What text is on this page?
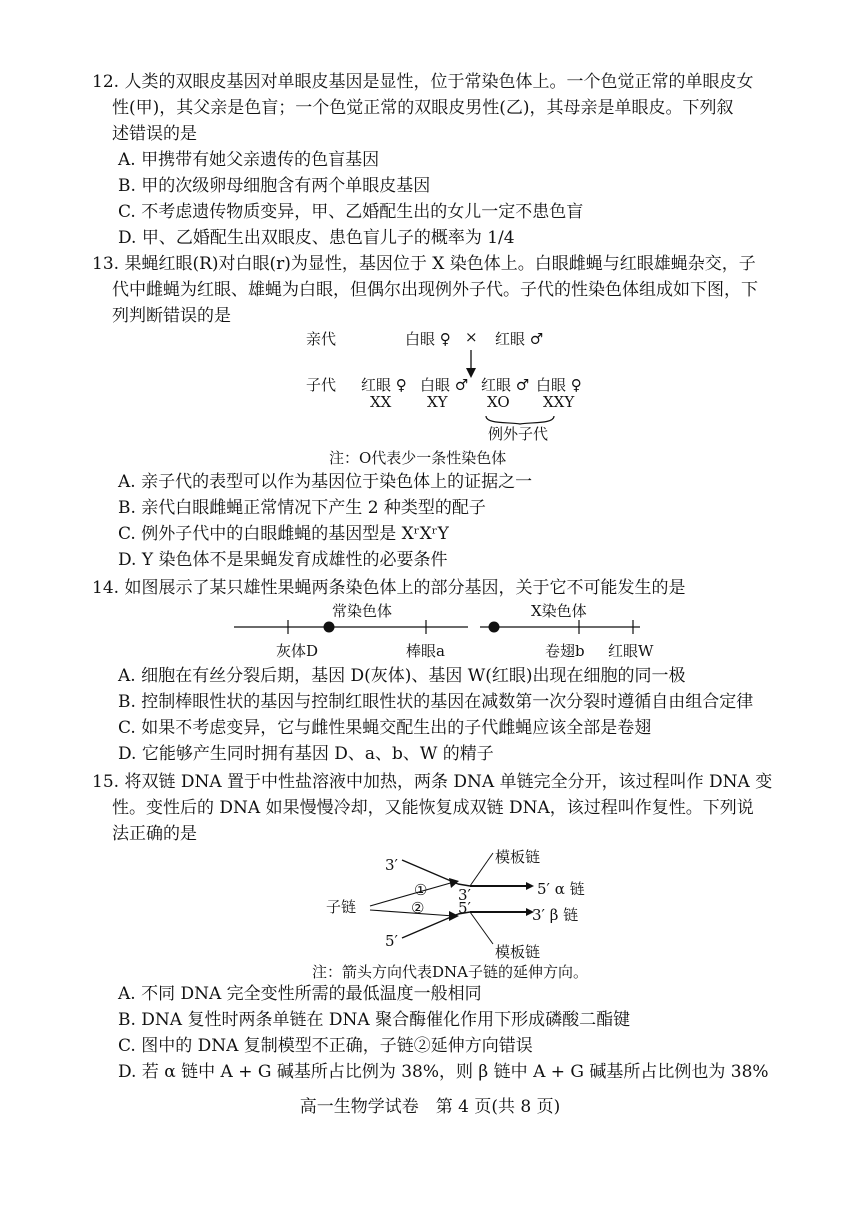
12. 人类的双眼皮基因对单眼皮基因是显性，位于常染色体上。一个色觉正常的单眼皮女
性(甲)，其父亲是色盲；一个色觉正常的双眼皮男性(乙)，其母亲是单眼皮。下列叙
述错误的是
A. 甲携带有她父亲遗传的色盲基因
B. 甲的次级卵母细胞含有两个单眼皮基因
C. 不考虑遗传物质变异，甲、乙婚配生出的女儿一定不患色盲
D. 甲、乙婚配生出双眼皮、患色盲儿子的概率为 1/4
13. 果蝇红眼(R)对白眼(r)为显性，基因位于 X 染色体上。白眼雌蝇与红眼雄蝇杂交，子
代中雌蝇为红眼、雄蝇为白眼，但偶尔出现例外子代。子代的性染色体组成如下图，下
列判断错误的是
亲代	白眼 ♀ × 红眼 ♂
子代 红眼 ♀ 白眼 ♂ 红眼 ♂ 白眼 ♀
XX XY	XO XXY
例外子代
注：O代表少一条性染色体
A. 亲子代的表型可以作为基因位于染色体上的证据之一
B. 亲代白眼雌蝇正常情况下产生 2 种类型的配子
C. 例外子代中的白眼雌蝇的基因型是 XʳXʳY
D. Y 染色体不是果蝇发育成雄性的必要条件
14. 如图展示了某只雄性果蝇两条染色体上的部分基因，关于它不可能发生的是
常染色体	X染色体
灰体D	棒眼a	卷翅b 红眼W
A. 细胞在有丝分裂后期，基因 D(灰体)、基因 W(红眼)出现在细胞的同一极
B. 控制棒眼性状的基因与控制红眼性状的基因在减数第一次分裂时遵循自由组合定律
C. 如果不考虑变异，它与雌性果蝇交配生出的子代雌蝇应该全部是卷翅
D. 它能够产生同时拥有基因 D、a、b、W 的精子
15. 将双链 DNA 置于中性盐溶液中加热，两条 DNA 单链完全分开，该过程叫作 DNA 变
性。变性后的 DNA 如果慢慢冷却，又能恢复成双链 DNA，该过程叫作复性。下列说
法正确的是
3′	模板链
① 3′	5′ α 链
子链	② 5′	3′ β 链
5′
模板链
注：箭头方向代表DNA子链的延伸方向。
A. 不同 DNA 完全变性所需的最低温度一般相同
B. DNA 复性时两条单链在 DNA 聚合酶催化作用下形成磷酸二酯键
C. 图中的 DNA 复制模型不正确，子链②延伸方向错误
D. 若 α 链中 A + G 碱基所占比例为 38%，则 β 链中 A + G 碱基所占比例也为 38%
高一生物学试卷　第 4 页(共 8 页)
